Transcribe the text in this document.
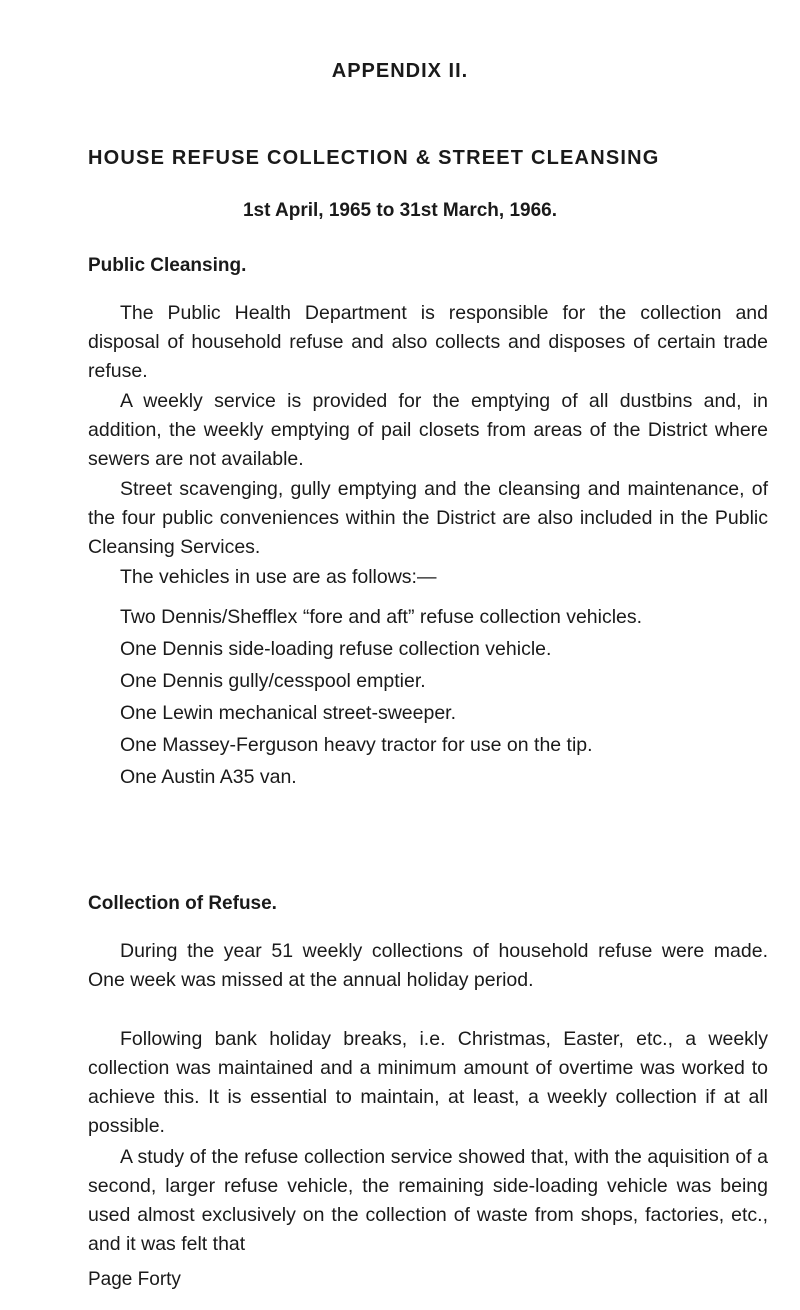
APPENDIX II.
HOUSE REFUSE COLLECTION & STREET CLEANSING
1st April, 1965 to 31st March, 1966.
Public Cleansing.

The Public Health Department is responsible for the collection and disposal of household refuse and also collects and disposes of certain trade refuse.

A weekly service is provided for the emptying of all dustbins and, in addition, the weekly emptying of pail closets from areas of the District where sewers are not available.

Street scavenging, gully emptying and the cleansing and maintenance, of the four public conveniences within the District are also included in the Public Cleansing Services.

The vehicles in use are as follows:—

Two Dennis/Shefflex “fore and aft” refuse collection vehicles.
One Dennis side-loading refuse collection vehicle.
One Dennis gully/cesspool emptier.
One Lewin mechanical street-sweeper.
One Massey-Ferguson heavy tractor for use on the tip.
One Austin A35 van.
Collection of Refuse.

During the year 51 weekly collections of household refuse were made. One week was missed at the annual holiday period.

Following bank holiday breaks, i.e. Christmas, Easter, etc., a weekly collection was maintained and a minimum amount of overtime was worked to achieve this. It is essential to maintain, at least, a weekly collection if at all possible.

A study of the refuse collection service showed that, with the aquisition of a second, larger refuse vehicle, the remaining side-loading vehicle was being used almost exclusively on the collection of waste from shops, factories, etc., and it was felt that

Page Forty
